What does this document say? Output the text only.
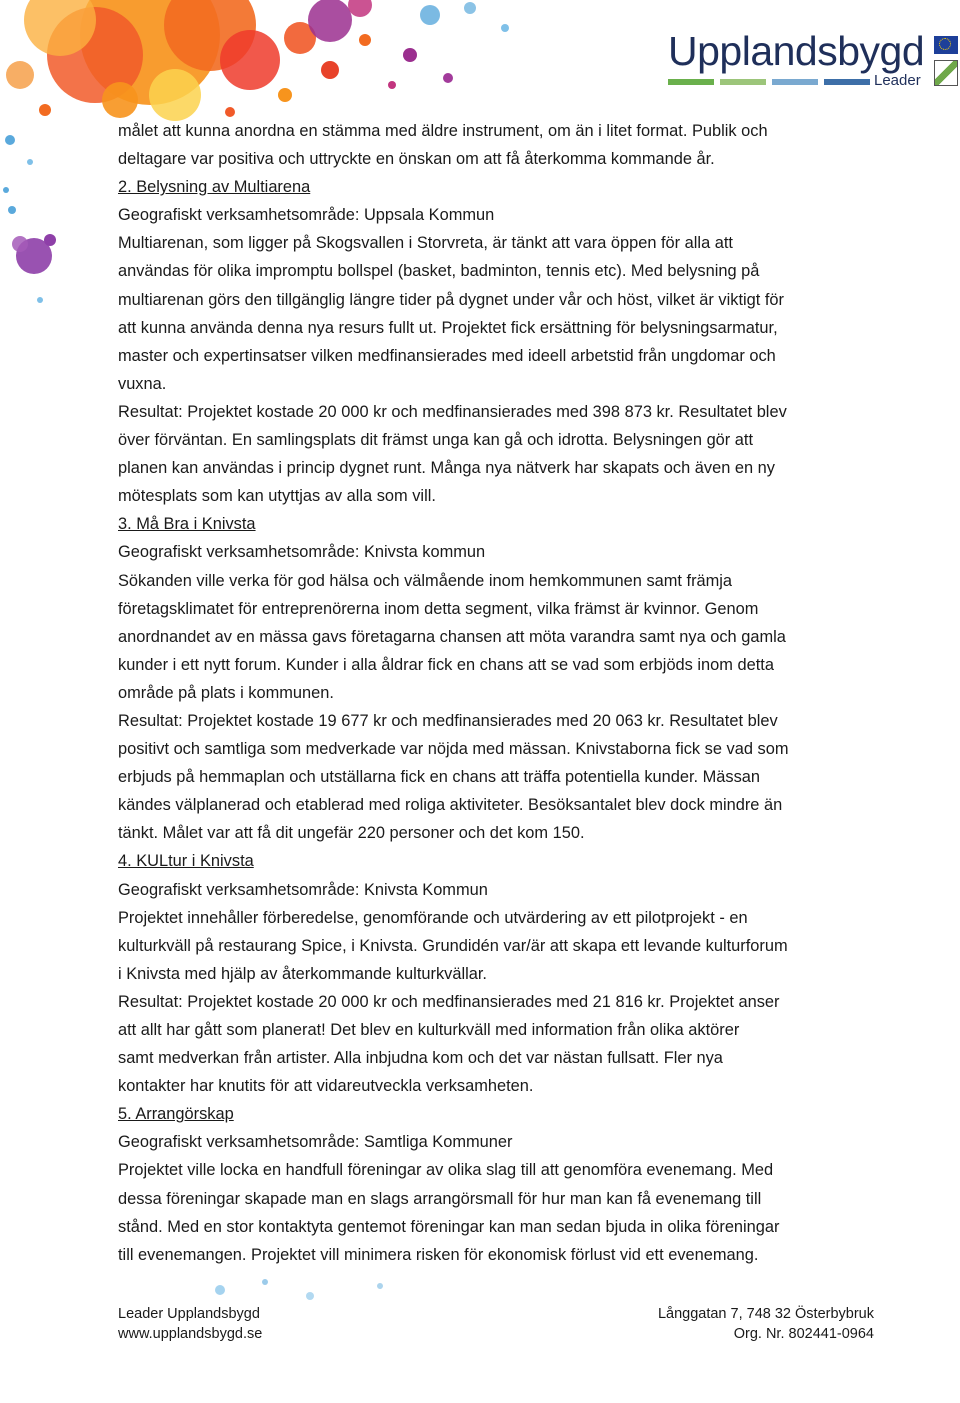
Upplandsbygd
Leader

målet att kunna anordna en stämma med äldre instrument, om än i litet format. Publik och

deltagare var positiva och uttryckte en önskan om att få återkomma kommande år.

2. Belysning av Multiarena

Geografiskt verksamhetsområde: Uppsala Kommun

Multiarenan, som ligger på Skogsvallen i Storvreta, är tänkt att vara öppen för alla att

användas för olika impromptu bollspel (basket, badminton, tennis etc). Med belysning på

multiarenan görs den tillgänglig längre tider på dygnet under vår och höst, vilket är viktigt för

att kunna använda denna nya resurs fullt ut. Projektet fick ersättning för belysningsarmatur,

master och expertinsatser vilken medfinansierades med ideell arbetstid från ungdomar och

vuxna.

Resultat: Projektet kostade 20 000 kr och medfinansierades med 398 873 kr. Resultatet blev

över förväntan. En samlingsplats dit främst unga kan gå och idrotta. Belysningen gör att

planen kan användas i princip dygnet runt. Många nya nätverk har skapats och även en ny

mötesplats som kan utyttjas av alla som vill.

3. Må Bra i Knivsta

Geografiskt verksamhetsområde: Knivsta kommun

Sökanden ville verka för god hälsa och välmående inom hemkommunen samt främja

företagsklimatet för entreprenörerna inom detta segment, vilka främst är kvinnor. Genom

anordnandet av en mässa gavs företagarna chansen att möta varandra samt nya och gamla

kunder i ett nytt forum. Kunder i alla åldrar fick en chans att se vad som erbjöds inom detta

område på plats i kommunen.

Resultat: Projektet kostade 19 677 kr och medfinansierades med 20 063 kr. Resultatet blev

positivt och samtliga som medverkade var nöjda med mässan. Knivstaborna fick se vad som

erbjuds på hemmaplan och utställarna fick en chans att träffa potentiella kunder. Mässan

kändes välplanerad och etablerad med roliga aktiviteter. Besöksantalet blev dock mindre än

tänkt. Målet var att få dit ungefär 220 personer och det kom 150.

4. KULtur i Knivsta

Geografiskt verksamhetsområde: Knivsta Kommun

Projektet innehåller förberedelse, genomförande och utvärdering av ett pilotprojekt - en

kulturkväll på restaurang Spice, i Knivsta. Grundidén var/är att skapa ett levande kulturforum

i Knivsta med hjälp av återkommande kulturkvällar.

Resultat: Projektet kostade 20 000 kr och medfinansierades med 21 816 kr. Projektet anser

att allt har gått som planerat! Det blev en kulturkväll med information från olika aktörer

samt medverkan från artister. Alla inbjudna kom och det var nästan fullsatt. Fler nya

kontakter har knutits för att vidareutveckla verksamheten.

5. Arrangörskap

Geografiskt verksamhetsområde: Samtliga Kommuner

Projektet ville locka en handfull föreningar av olika slag till att genomföra evenemang. Med

dessa föreningar skapade man en slags arrangörsmall för hur man kan få evenemang till

stånd. Med en stor kontaktyta gentemot föreningar kan man sedan bjuda in olika föreningar

till evenemangen. Projektet vill minimera risken för ekonomisk förlust vid ett evenemang.

Leader Upplandsbygd
www.upplandsbygd.se
Långgatan 7, 748 32 Österbybruk
Org. Nr. 802441-0964
